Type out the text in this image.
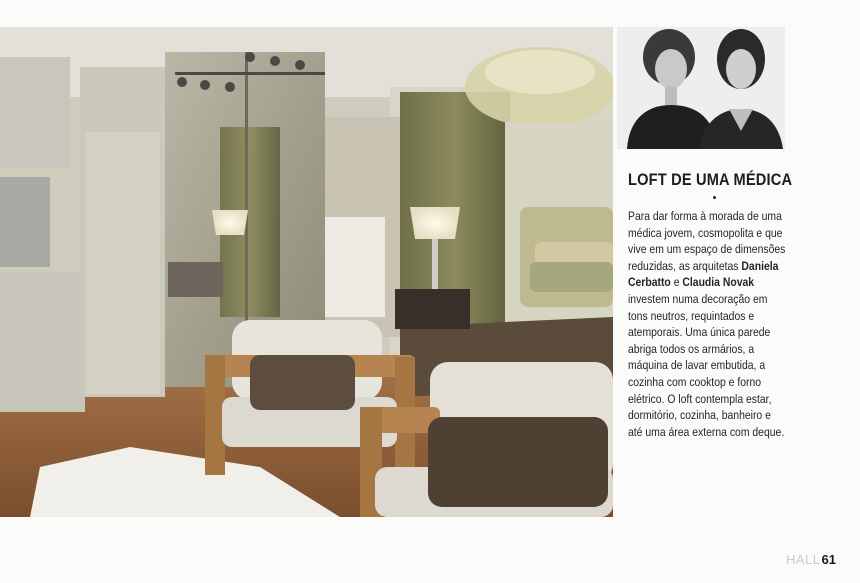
LOFT DE UMA MÉDICA

Para dar forma à morada de uma

médica jovem, cosmopolita e que

vive em um espaço de dimensões

reduzidas, as arquitetas Daniela

Cerbatto e Claudia Novak

investem numa decoração em

tons neutros, requintados e

atemporais. Uma única parede

abriga todos os armários, a

máquina de lavar embutida, a

cozinha com cooktop e forno

elétrico. O loft contempla estar,

dormitório, cozinha, banheiro e

até uma área externa com deque.

HALL61
